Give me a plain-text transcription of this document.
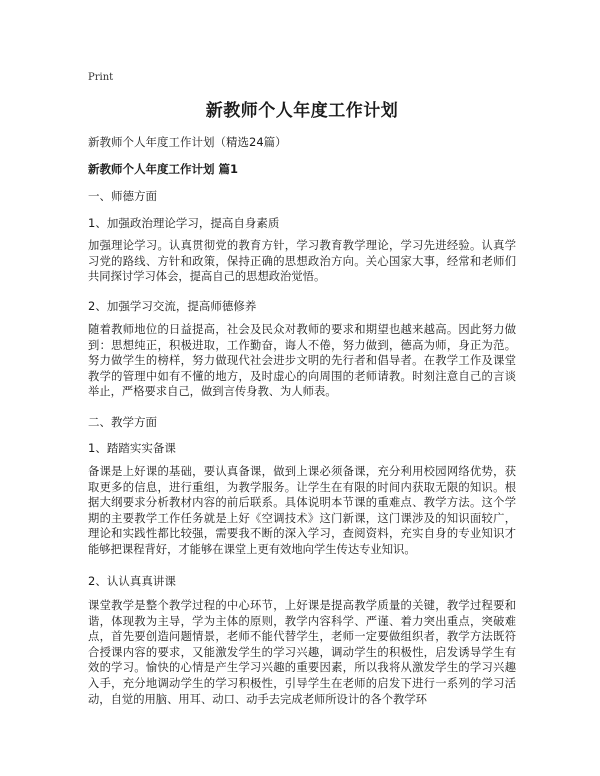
Print
新教师个人年度工作计划

新教师个人年度工作计划（精选24篇）

新教师个人年度工作计划 篇1

一、师德方面

1、加强政治理论学习，提高自身素质

加强理论学习。认真贯彻党的教育方针，学习教育教学理论，学习先进经验。认真学习党的路线、方针和政策，保持正确的思想政治方向。关心国家大事，经常和老师们共同探讨学习体会，提高自己的思想政治觉悟。

2、加强学习交流，提高师德修养

随着教师地位的日益提高，社会及民众对教师的要求和期望也越来越高。因此努力做到：思想纯正，积极进取，工作勤奋，诲人不倦，努力做到，德高为师，身正为范。努力做学生的榜样，努力做现代社会进步文明的先行者和倡导者。在教学工作及课堂教学的管理中如有不懂的地方，及时虚心的向周围的老师请教。时刻注意自己的言谈举止，严格要求自己，做到言传身教、为人师表。

二、教学方面

1、踏踏实实备课

备课是上好课的基础，要认真备课，做到上课必须备课，充分利用校园网络优势，获取更多的信息，进行重组，为教学服务。让学生在有限的时间内获取无限的知识。根据大纲要求分析教材内容的前后联系。具体说明本节课的重难点、教学方法。这个学期的主要教学工作任务就是上好《空调技术》这门新课，这门课涉及的知识面较广，理论和实践性都比较强，需要我不断的深入学习，查阅资料，充实自身的专业知识才能够把课程背好，才能够在课堂上更有效地向学生传达专业知识。

2、认认真真讲课

课堂教学是整个教学过程的中心环节，上好课是提高教学质量的关键，教学过程要和谐，体现教为主导，学为主体的原则，教学内容科学、严谨、着力突出重点，突破难点，首先要创造问题情景，老师不能代替学生，老师一定要做组织者，教学方法既符合授课内容的要求，又能激发学生的学习兴趣，调动学生的积极性，启发诱导学生有效的学习。愉快的心情是产生学习兴趣的重要因素，所以我将从激发学生的学习兴趣入手，充分地调动学生的学习积极性，引导学生在老师的启发下进行一系列的学习活动，自觉的用脑、用耳、动口、动手去完成老师所设计的各个教学环
